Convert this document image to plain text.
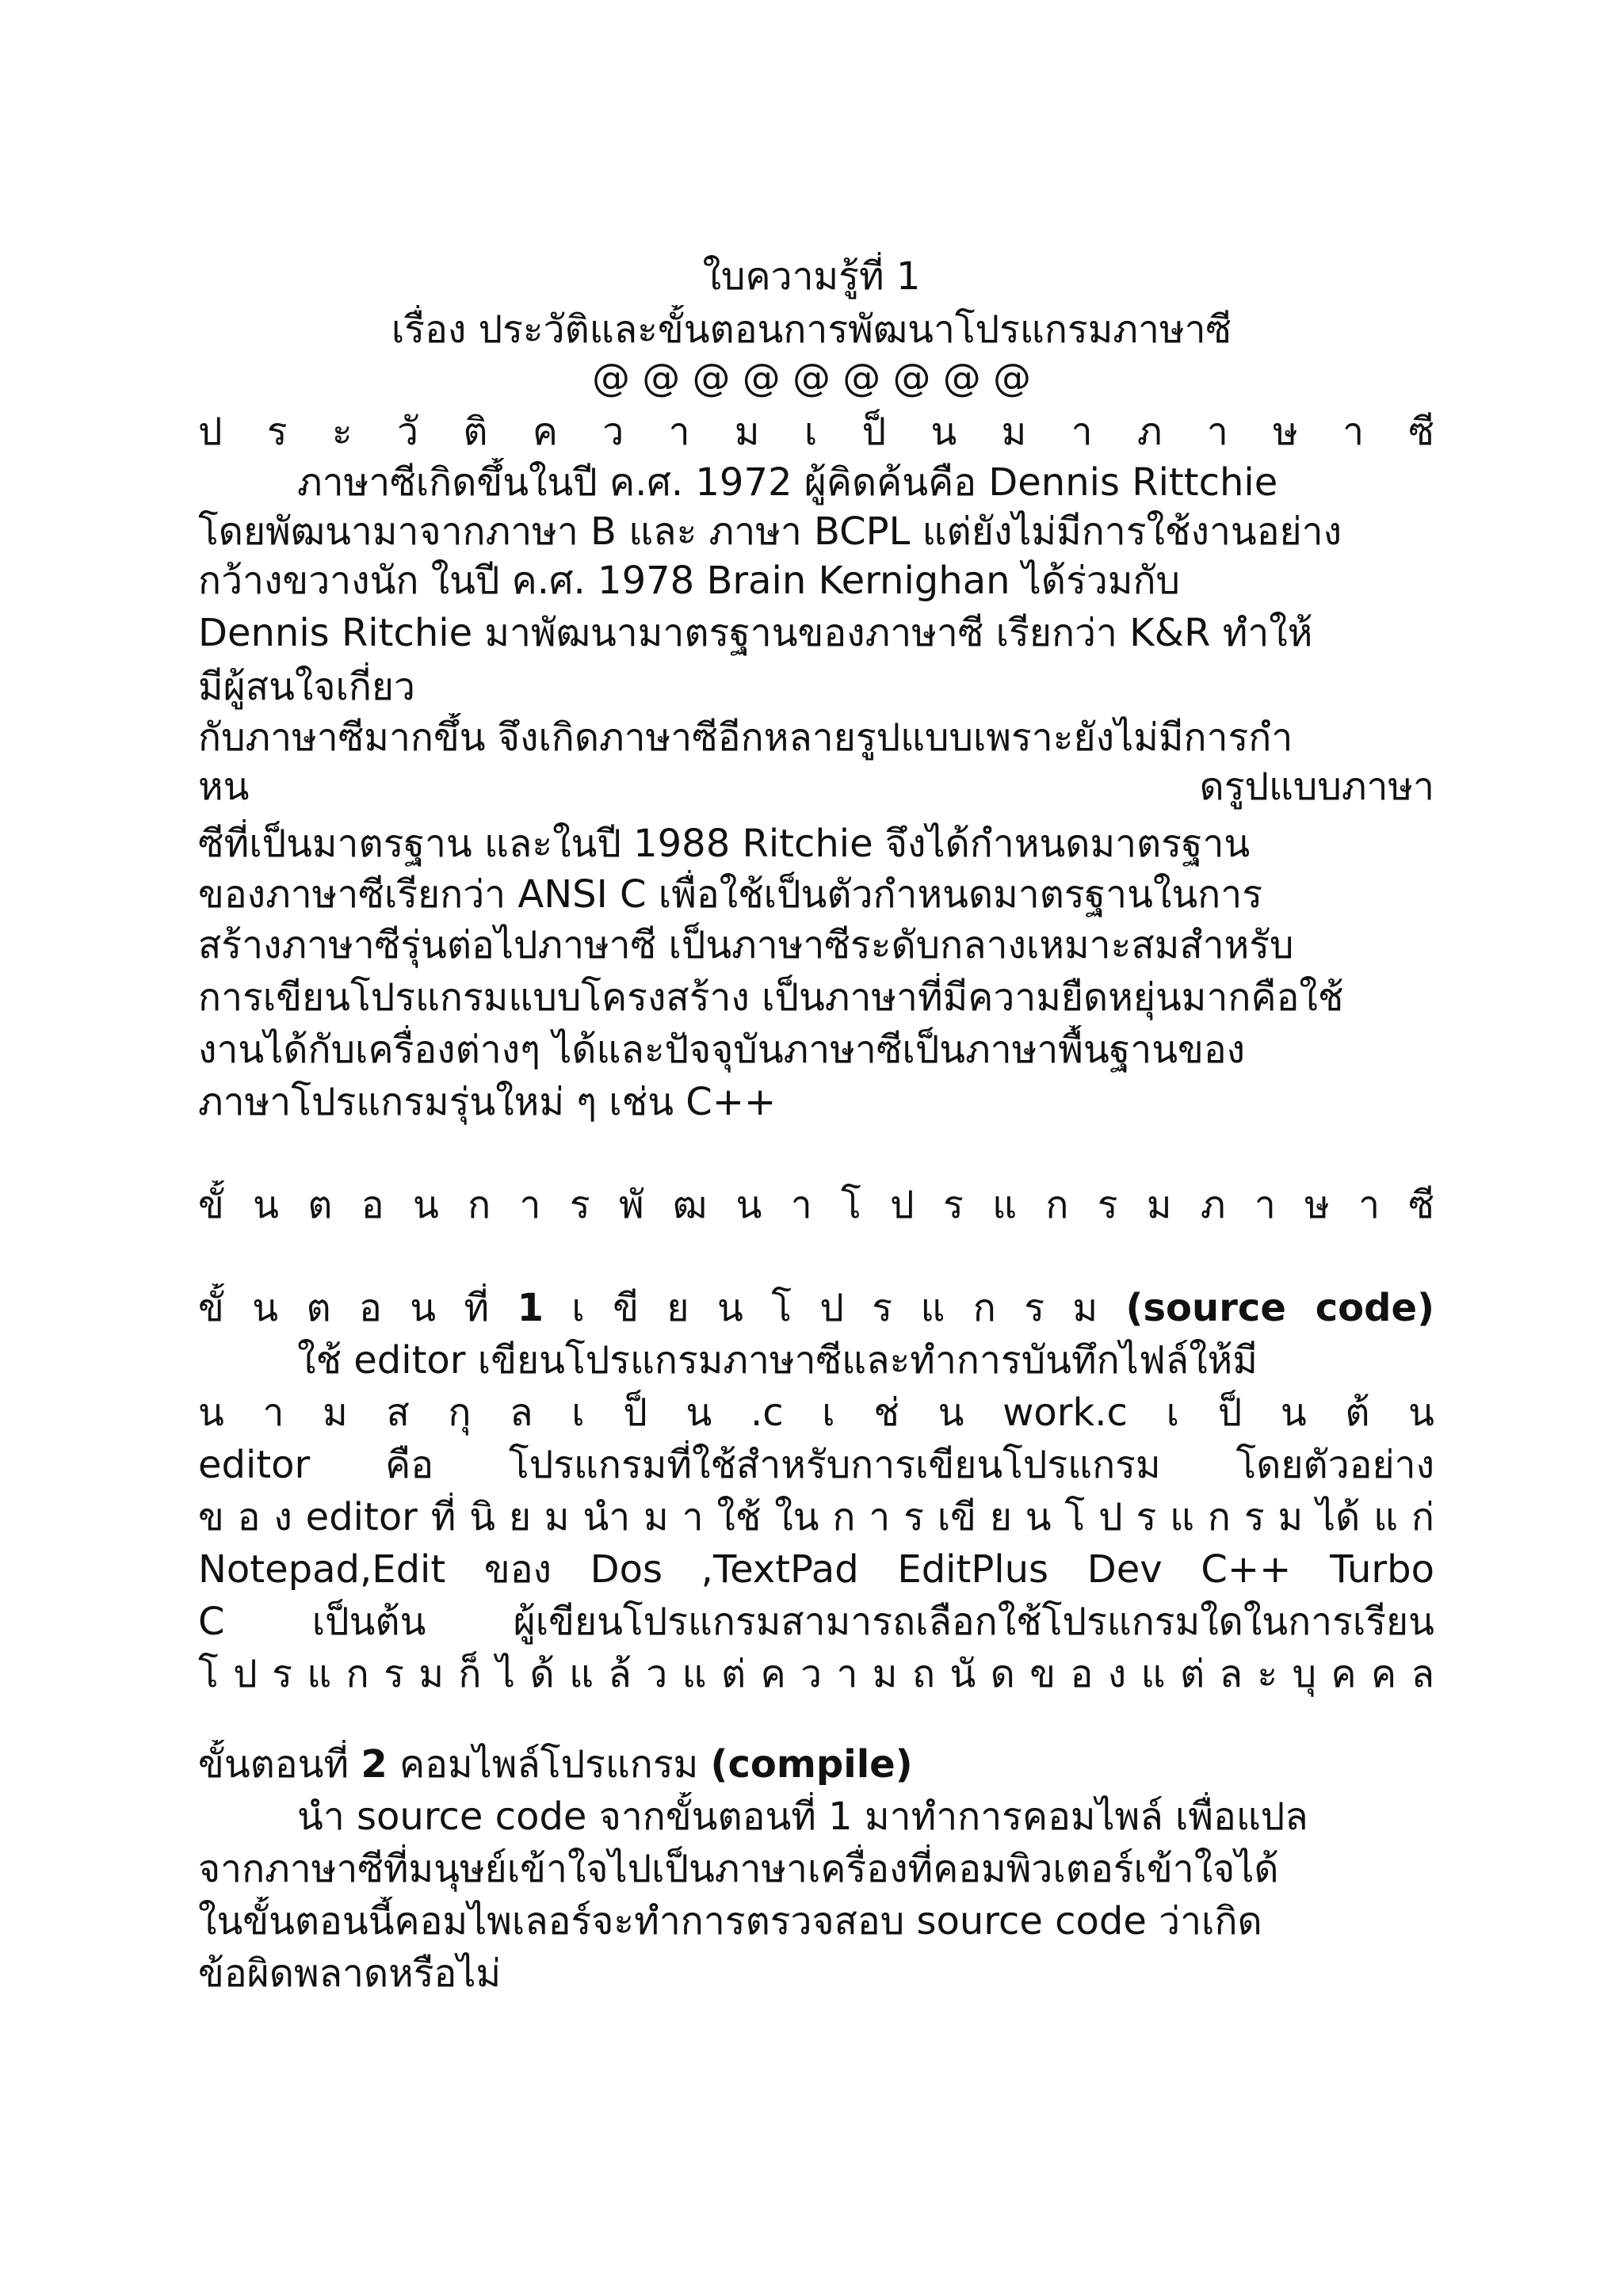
ใบความรู้ที่ 1
เรื่อง ประวัติและขั้นตอนการพัฒนาโปรแกรมภาษาซี
@ @ @ @ @ @ @ @ @
ป ร ะ วั ติ ค ว า ม เ ป็ น ม า ภ า ษ า ซี
ภาษาซีเกิดขึ้นในปี ค.ศ. 1972 ผู้คิดค้นคือ Dennis Rittchie
โดยพัฒนามาจากภาษา B และ ภาษา BCPL แต่ยังไม่มีการใช้งานอย่าง
กว้างขวางนัก ในปี ค.ศ. 1978 Brain Kernighan ได้ร่วมกับ
Dennis Ritchie มาพัฒนามาตรฐานของภาษาซี เรียกว่า K&R ทำให้
มีผู้สนใจเกี่ยว
กับภาษาซีมากขึ้น จึงเกิดภาษาซีอีกหลายรูปแบบเพราะยังไม่มีการกำ
หน	ดรูปแบบภาษา
ซีที่เป็นมาตรฐาน และในปี 1988 Ritchie จึงได้กำหนดมาตรฐาน
ของภาษาซีเรียกว่า ANSI C เพื่อใช้เป็นตัวกำหนดมาตรฐานในการ
สร้างภาษาซีรุ่นต่อไปภาษาซี เป็นภาษาซีระดับกลางเหมาะสมสำหรับ
การเขียนโปรแกรมแบบโครงสร้าง เป็นภาษาที่มีความยืดหยุ่นมากคือใช้
งานได้กับเครื่องต่างๆ ได้และปัจจุบันภาษาซีเป็นภาษาพื้นฐานของ
ภาษาโปรแกรมรุ่นใหม่ ๆ เช่น C++
ขั้ น ต อ น ก า ร พั ฒ น า โ ป ร แ ก ร ม ภ า ษ า ซี
ขั้ น ต อ น ที่ 1 เ ขี ย น โ ป ร แ ก ร ม (source code)
ใช้ editor เขียนโปรแกรมภาษาซีและทำการบันทึกไฟล์ให้มี
น า ม ส กุ ล เ ป็ น .c เ ช่ น work.c เ ป็ น ต้ น
editor คือ โปรแกรมที่ใช้สำหรับการเขียนโปรแกรม โดยตัวอย่าง
ข อ ง editor ที่ นิ ย ม นำ ม า ใช้ ใน ก า ร เขี ย น โ ป ร แ ก ร ม ได้ แ ก่
Notepad,Edit ของ Dos ,TextPad EditPlus Dev C++ Turbo
C เป็นต้น ผู้เขียนโปรแกรมสามารถเลือกใช้โปรแกรมใดในการเรียน
โ ป ร แ ก ร ม ก็ ไ ด้ แ ล้ ว แ ต่ ค ว า ม ถ นั ด ข อ ง แ ต่ ล ะ บุ ค ค ล
ขั้นตอนที่ 2 คอมไพล์โปรแกรม (compile)
นำ source code จากขั้นตอนที่ 1 มาทำการคอมไพล์ เพื่อแปล
จากภาษาซีที่มนุษย์เข้าใจไปเป็นภาษาเครื่องที่คอมพิวเตอร์เข้าใจได้
ในขั้นตอนนี้คอมไพเลอร์จะทำการตรวจสอบ source code ว่าเกิด
ข้อผิดพลาดหรือไม่
